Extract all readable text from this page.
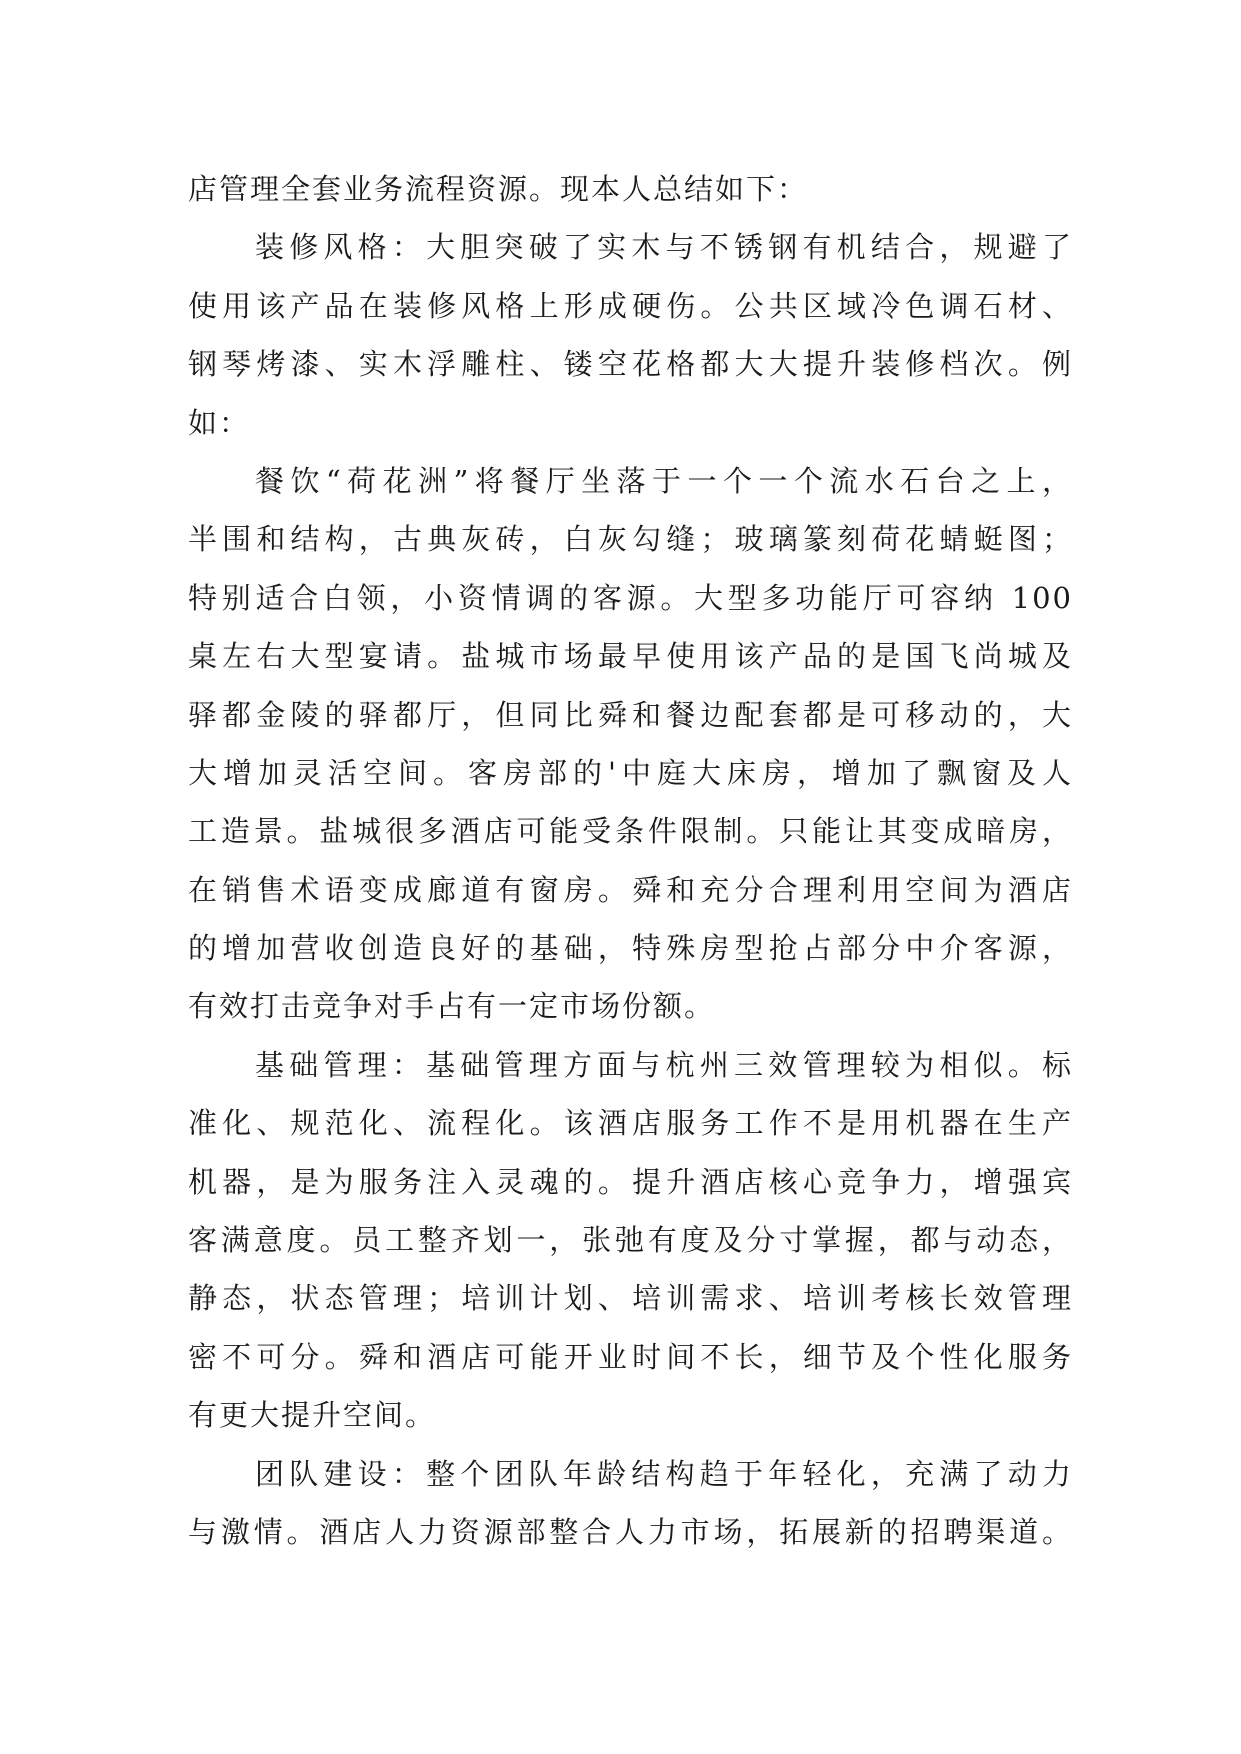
店管理全套业务流程资源。现本人总结如下：
装修风格：大胆突破了实木与不锈钢有机结合，规避了
使用该产品在装修风格上形成硬伤。公共区域冷色调石材、
钢琴烤漆、实木浮雕柱、镂空花格都大大提升装修档次。例
如：
餐饮“荷花洲”将餐厅坐落于一个一个流水石台之上，
半围和结构，古典灰砖，白灰勾缝；玻璃篆刻荷花蜻蜓图；
特别适合白领，小资情调的客源。大型多功能厅可容纳 100
桌左右大型宴请。盐城市场最早使用该产品的是国飞尚城及
驿都金陵的驿都厅，但同比舜和餐边配套都是可移动的，大
大增加灵活空间。客房部的'中庭大床房，增加了飘窗及人
工造景。盐城很多酒店可能受条件限制。只能让其变成暗房，
在销售术语变成廊道有窗房。舜和充分合理利用空间为酒店
的增加营收创造良好的基础，特殊房型抢占部分中介客源，
有效打击竞争对手占有一定市场份额。
基础管理：基础管理方面与杭州三效管理较为相似。标
准化、规范化、流程化。该酒店服务工作不是用机器在生产
机器，是为服务注入灵魂的。提升酒店核心竞争力，增强宾
客满意度。员工整齐划一，张弛有度及分寸掌握，都与动态，
静态，状态管理；培训计划、培训需求、培训考核长效管理
密不可分。舜和酒店可能开业时间不长，细节及个性化服务
有更大提升空间。
团队建设：整个团队年龄结构趋于年轻化，充满了动力
与激情。酒店人力资源部整合人力市场，拓展新的招聘渠道。
